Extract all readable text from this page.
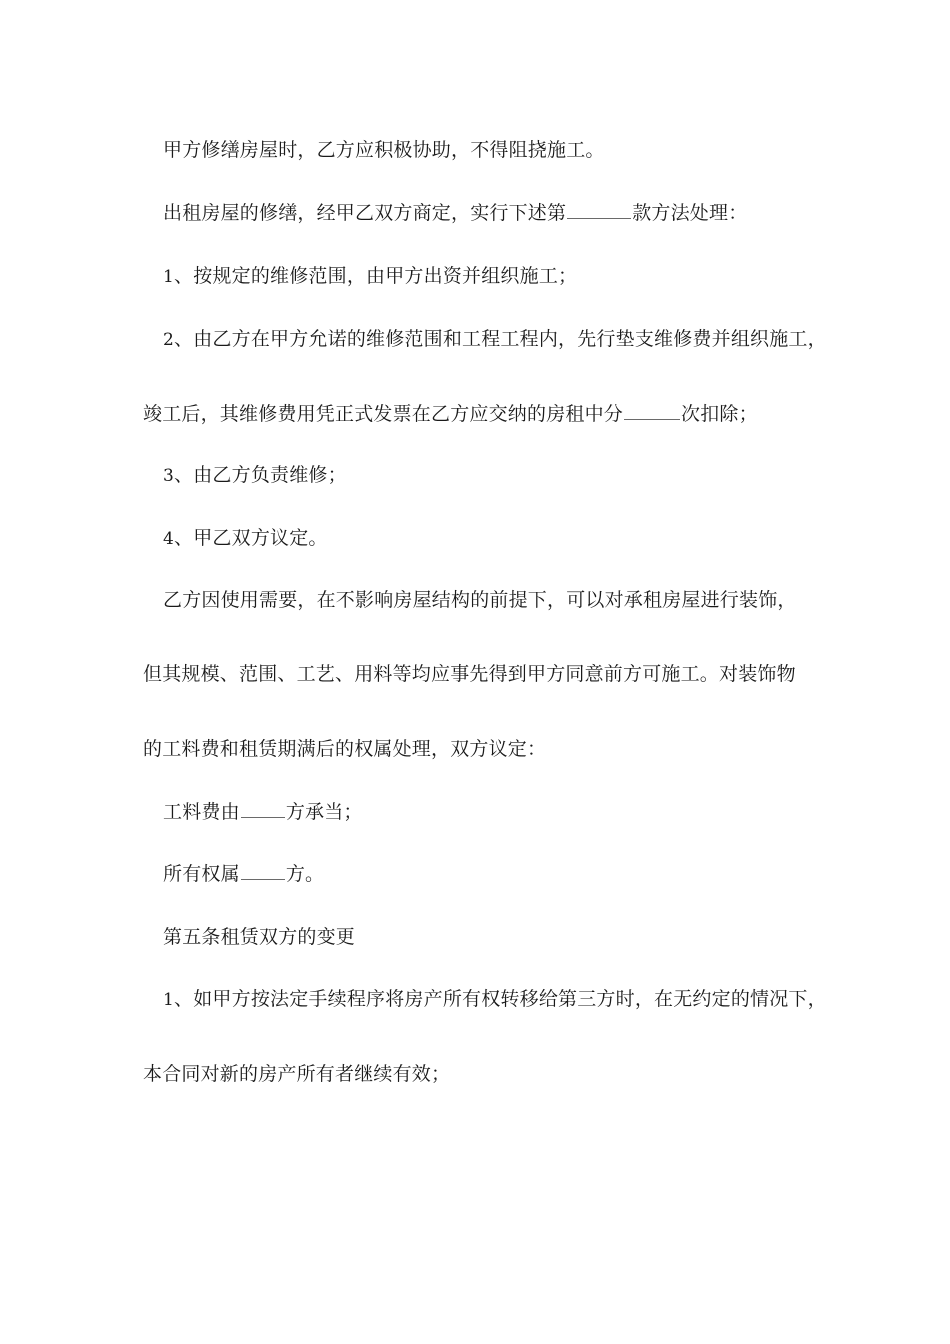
甲方修缮房屋时，乙方应积极协助，不得阻挠施工。
出租房屋的修缮，经甲乙双方商定，实行下述第	款方法处理：
1、按规定的维修范围，由甲方出资并组织施工；
2、由乙方在甲方允诺的维修范围和工程工程内，先行垫支维修费并组织施工，
竣工后，其维修费用凭正式发票在乙方应交纳的房租中分	次扣除；
3、由乙方负责维修；
4、甲乙双方议定。
乙方因使用需要，在不影响房屋结构的前提下，可以对承租房屋进行装饰，
但其规模、范围、工艺、用料等均应事先得到甲方同意前方可施工。对装饰物
的工料费和租赁期满后的权属处理，双方议定：
工料费由 方承当；
所有权属 方。
第五条租赁双方的变更
1、如甲方按法定手续程序将房产所有权转移给第三方时，在无约定的情况下，
本合同对新的房产所有者继续有效；
